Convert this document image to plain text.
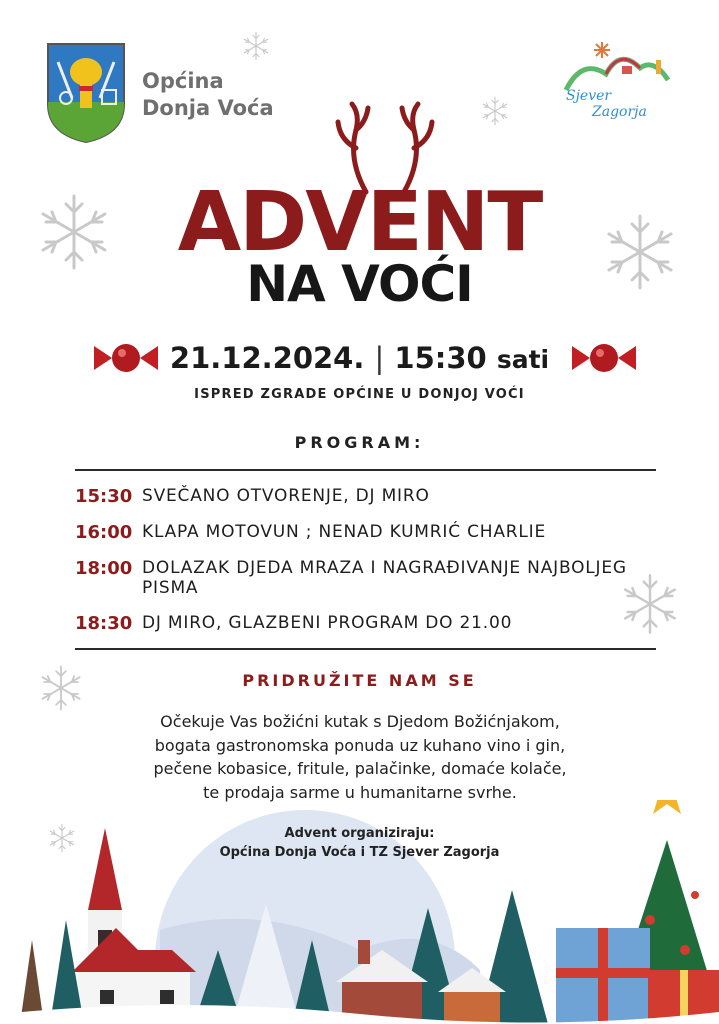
Općina
Donja Voća	Sjever
Zagorja
ADVENT
NA VOĆI
21.12.2024. | 15:30 sati
ISPRED ZGRADE OPĆINE U DONJOJ VOĆI
PROGRAM:
15:30 SVEČANO OTVORENJE, DJ MIRO
16:00 KLAPA MOTOVUN ; NENAD KUMRIĆ CHARLIE
18:00 DOLAZAK DJEDA MRAZA I NAGRAĐIVANJE NAJBOLJEG PISMA
18:30 DJ MIRO, GLAZBENI PROGRAM DO 21.00
PRIDRUŽITE NAM SE
Očekuje Vas božićni kutak s Djedom Božićnjakom,
bogata gastronomska ponuda uz kuhano vino i gin,
pečene kobasice, fritule, palačinke, domaće kolače,
te prodaja sarme u humanitarne svrhe.
Advent organiziraju:
Općina Donja Voća i TZ Sjever Zagorja
